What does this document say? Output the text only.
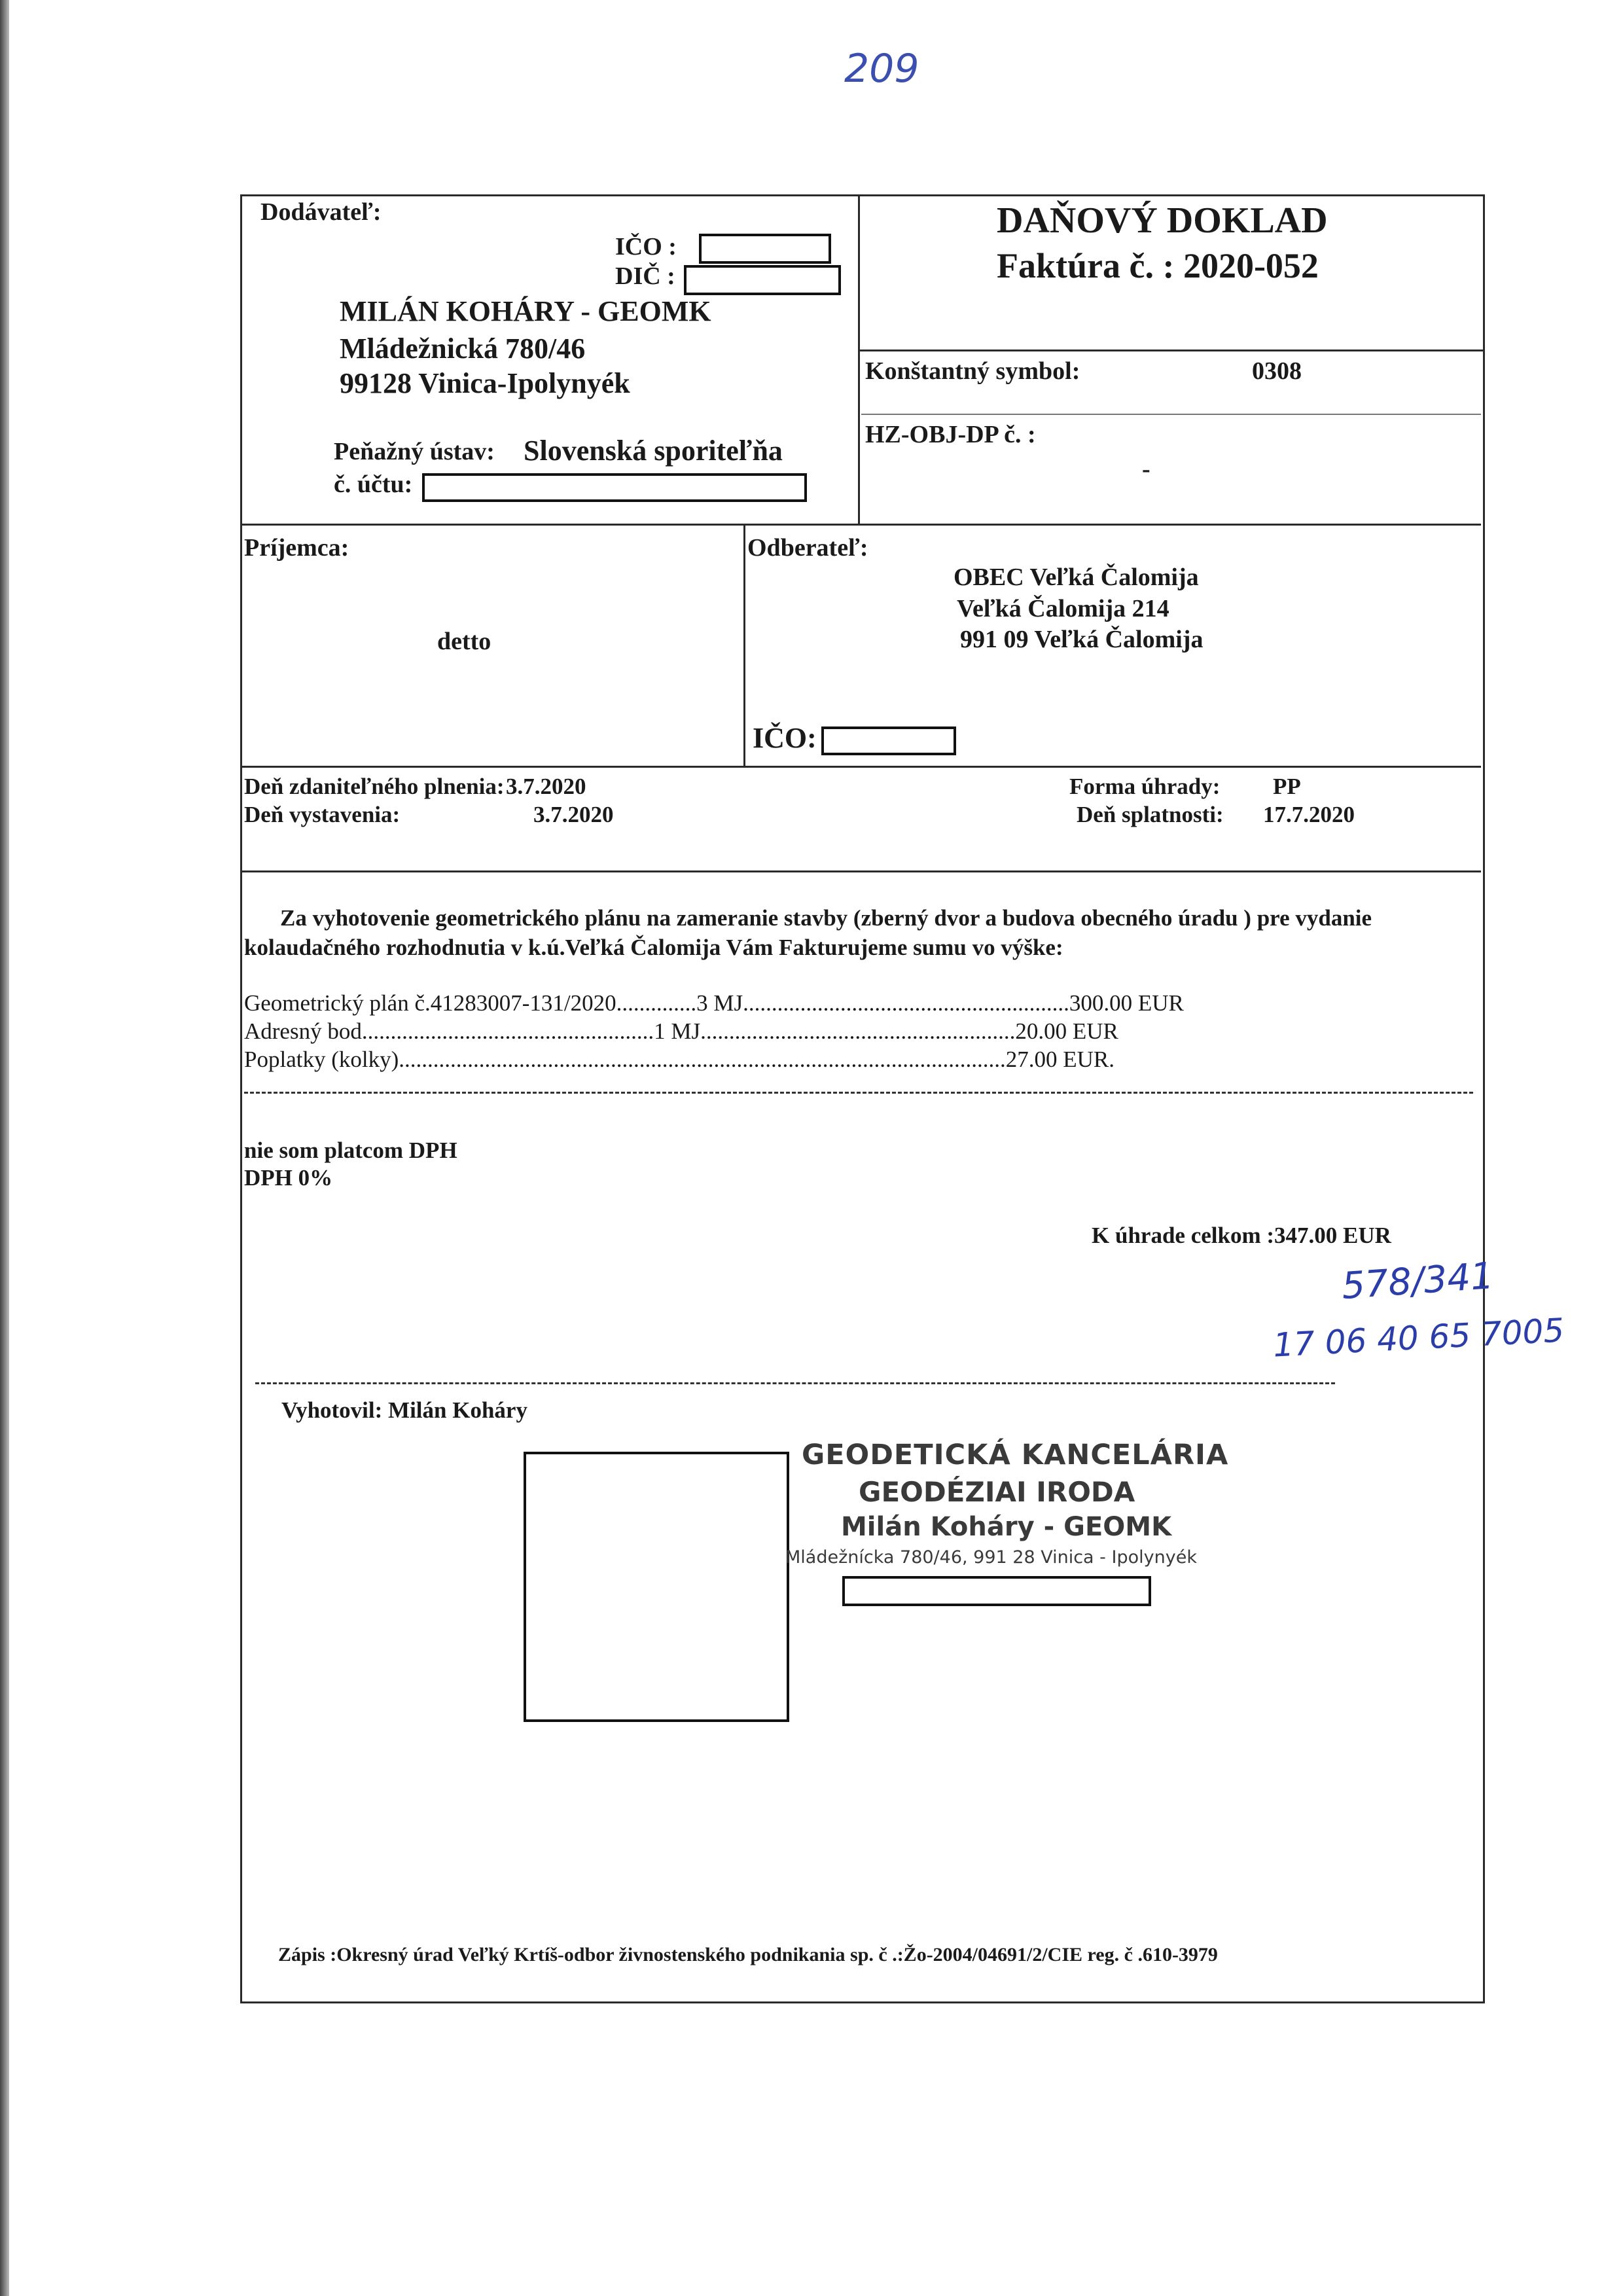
209
Dodávateľ:
IČO :
DIČ :
MILÁN KOHÁRY - GEOMK
Mládežnická 780/46
99128 Vinica-Ipolynyék
Peňažný ústav: Slovenská sporiteľňa
č. účtu:
DAŇOVÝ DOKLAD
Faktúra č. : 2020-052
Konštantný symbol:	0308
HZ-OBJ-DP č. :
-
Príjemca:
detto
Odberateľ:
OBEC Veľká Čalomija
Veľká Čalomija 214
991 09 Veľká Čalomija
IČO:
Deň zdaniteľného plnenia: 3.7.2020
Deň vystavenia:	3.7.2020
Forma úhrady: PP
Deň splatnosti: 17.7.2020
Za vyhotovenie geometrického plánu na zameranie stavby (zberný dvor a budova obecného úradu ) pre vydanie
kolaudačného rozhodnutia v k.ú.Veľká Čalomija Vám Fakturujeme sumu vo výške:
Geometrický plán č.41283007-131/2020..............3 MJ.........................................................300.00 EUR
Adresný bod...................................................1 MJ.......................................................20.00 EUR
Poplatky (kolky)..........................................................................................................27.00 EUR.
nie som platcom DPH
DPH 0%
K úhrade celkom :347.00 EUR
578/341
17 06 40 65 7005
Vyhotovil: Milán Koháry
GEODETICKÁ KANCELÁRIA
GEODÉZIAI IRODA
Milán Koháry - GEOMK
Mládežnícka 780/46, 991 28 Vinica - Ipolynyék
Zápis :Okresný úrad Veľký Krtíš-odbor živnostenského podnikania sp. č .:Žo-2004/04691/2/CIE reg. č .610-3979
